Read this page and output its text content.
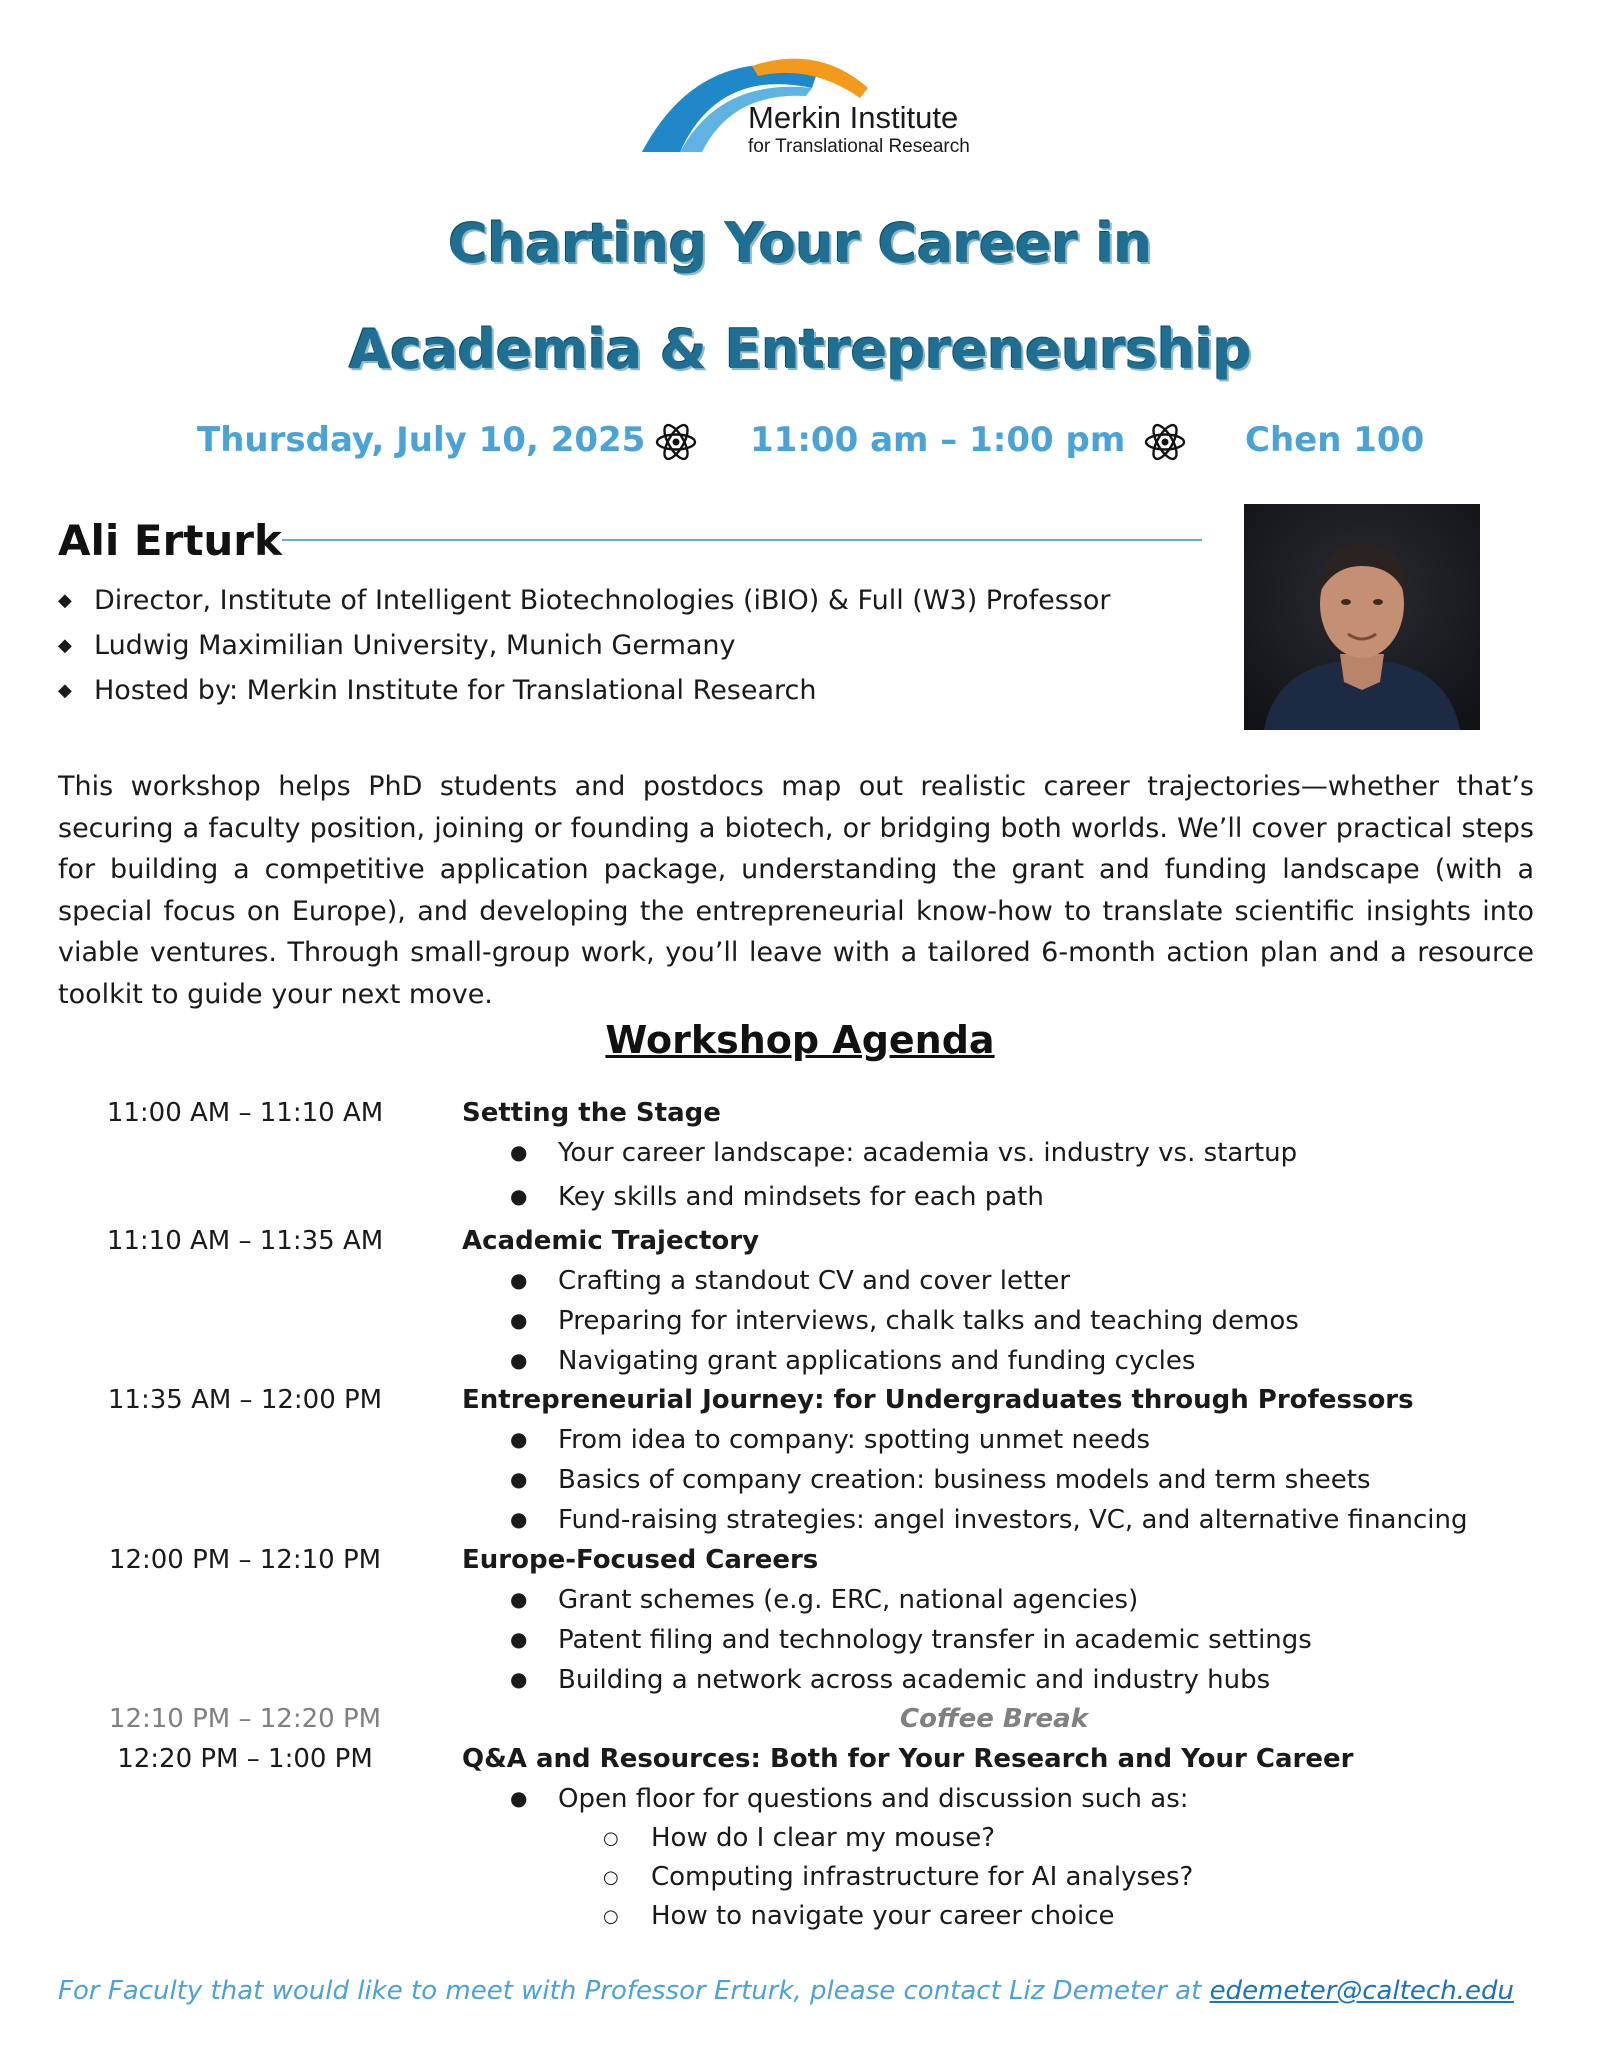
Merkin Institute
for Translational Research
Charting Your Career in
Academia & Entrepreneurship
Thursday, July 10, 2025	11:00 am – 1:00 pm	Chen 100
Ali Erturk
◆ Director, Institute of Intelligent Biotechnologies (iBIO) & Full (W3) Professor
◆ Ludwig Maximilian University, Munich Germany
◆ Hosted by: Merkin Institute for Translational Research

This workshop helps PhD students and postdocs map out realistic career trajectories—whether that’s securing a faculty position, joining or founding a biotech, or bridging both worlds. We’ll cover practical steps for building a competitive application package, understanding the grant and funding landscape (with a special focus on Europe), and developing the entrepreneurial know-how to translate scientific insights into viable ventures. Through small-group work, you’ll leave with a tailored 6-month action plan and a resource toolkit to guide your next move.

Workshop Agenda
11:00 AM – 11:10 AM	Setting the Stage
● Your career landscape: academia vs. industry vs. startup
● Key skills and mindsets for each path
11:10 AM – 11:35 AM	Academic Trajectory
● Crafting a standout CV and cover letter
● Preparing for interviews, chalk talks and teaching demos
● Navigating grant applications and funding cycles
11:35 AM – 12:00 PM	Entrepreneurial Journey: for Undergraduates through Professors
● From idea to company: spotting unmet needs
● Basics of company creation: business models and term sheets
● Fund-raising strategies: angel investors, VC, and alternative financing
12:00 PM – 12:10 PM	Europe-Focused Careers
● Grant schemes (e.g. ERC, national agencies)
● Patent filing and technology transfer in academic settings
● Building a network across academic and industry hubs
12:10 PM – 12:20 PM	Coffee Break
12:20 PM – 1:00 PM	Q&A and Resources: Both for Your Research and Your Career
● Open floor for questions and discussion such as:
○ How do I clear my mouse?
○ Computing infrastructure for AI analyses?
○ How to navigate your career choice
For Faculty that would like to meet with Professor Erturk, please contact Liz Demeter at edemeter@caltech.edu
